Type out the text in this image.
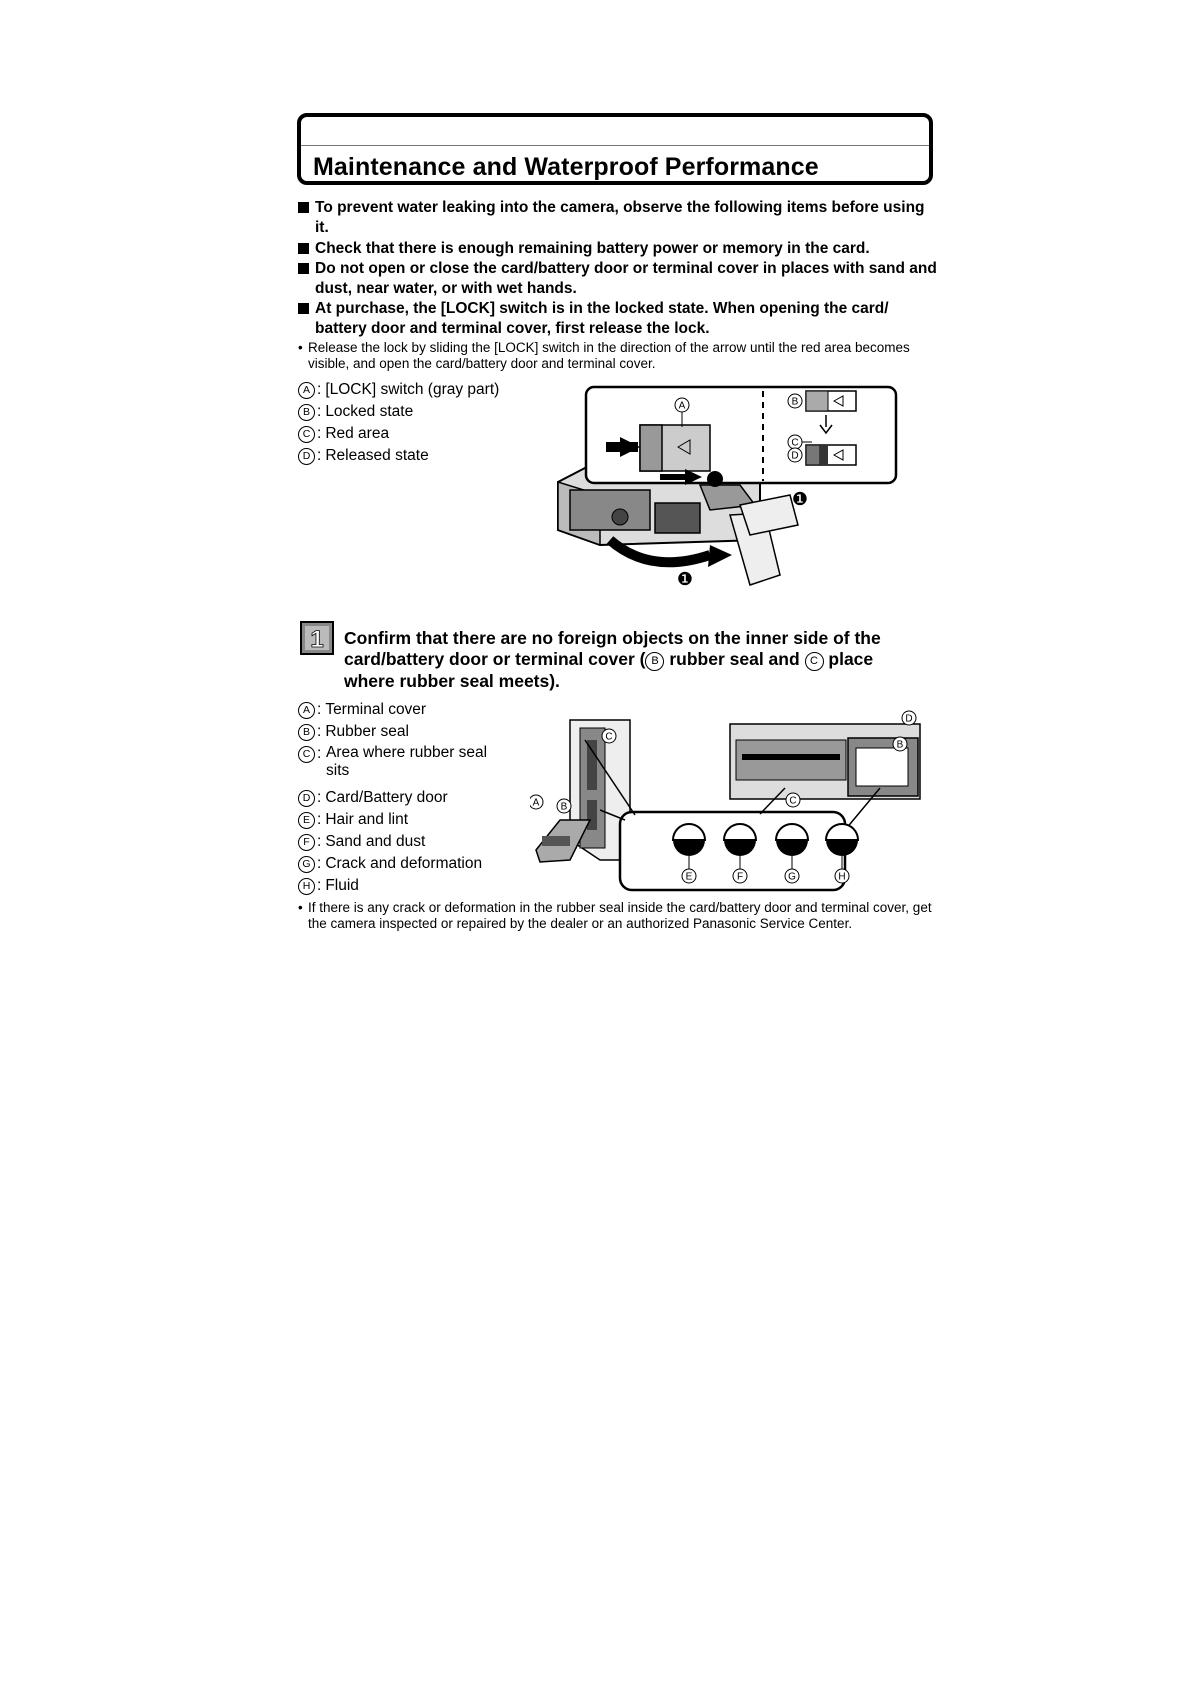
Maintenance and Waterproof Performance
To prevent water leaking into the camera, observe the following items before using it.
Check that there is enough remaining battery power or memory in the card.
Do not open or close the card/battery door or terminal cover in places with sand and dust, near water, or with wet hands.
At purchase, the [LOCK] switch is in the locked state. When opening the card/ battery door and terminal cover, first release the lock.
• Release the lock by sliding the [LOCK] switch in the direction of the arrow until the red area becomes visible, and open the card/battery door and terminal cover.
A : [LOCK] switch (gray part)
B : Locked state
C : Red area
D : Released state
A	B
C
D
❷
❶
❶
1 Confirm that there are no foreign objects on the inner side of the card/battery door or terminal cover ( B rubber seal and C place where rubber seal meets).
A : Terminal cover
B : Rubber seal
C : Area where rubber seal sits
D : Card/Battery door
E : Hair and lint
F : Sand and dust
G : Crack and deformation
H : Fluid
A B
C
C
D
B
E	F	G	H
• If there is any crack or deformation in the rubber seal inside the card/battery door and terminal cover, get the camera inspected or repaired by the dealer or an authorized Panasonic Service Center.
